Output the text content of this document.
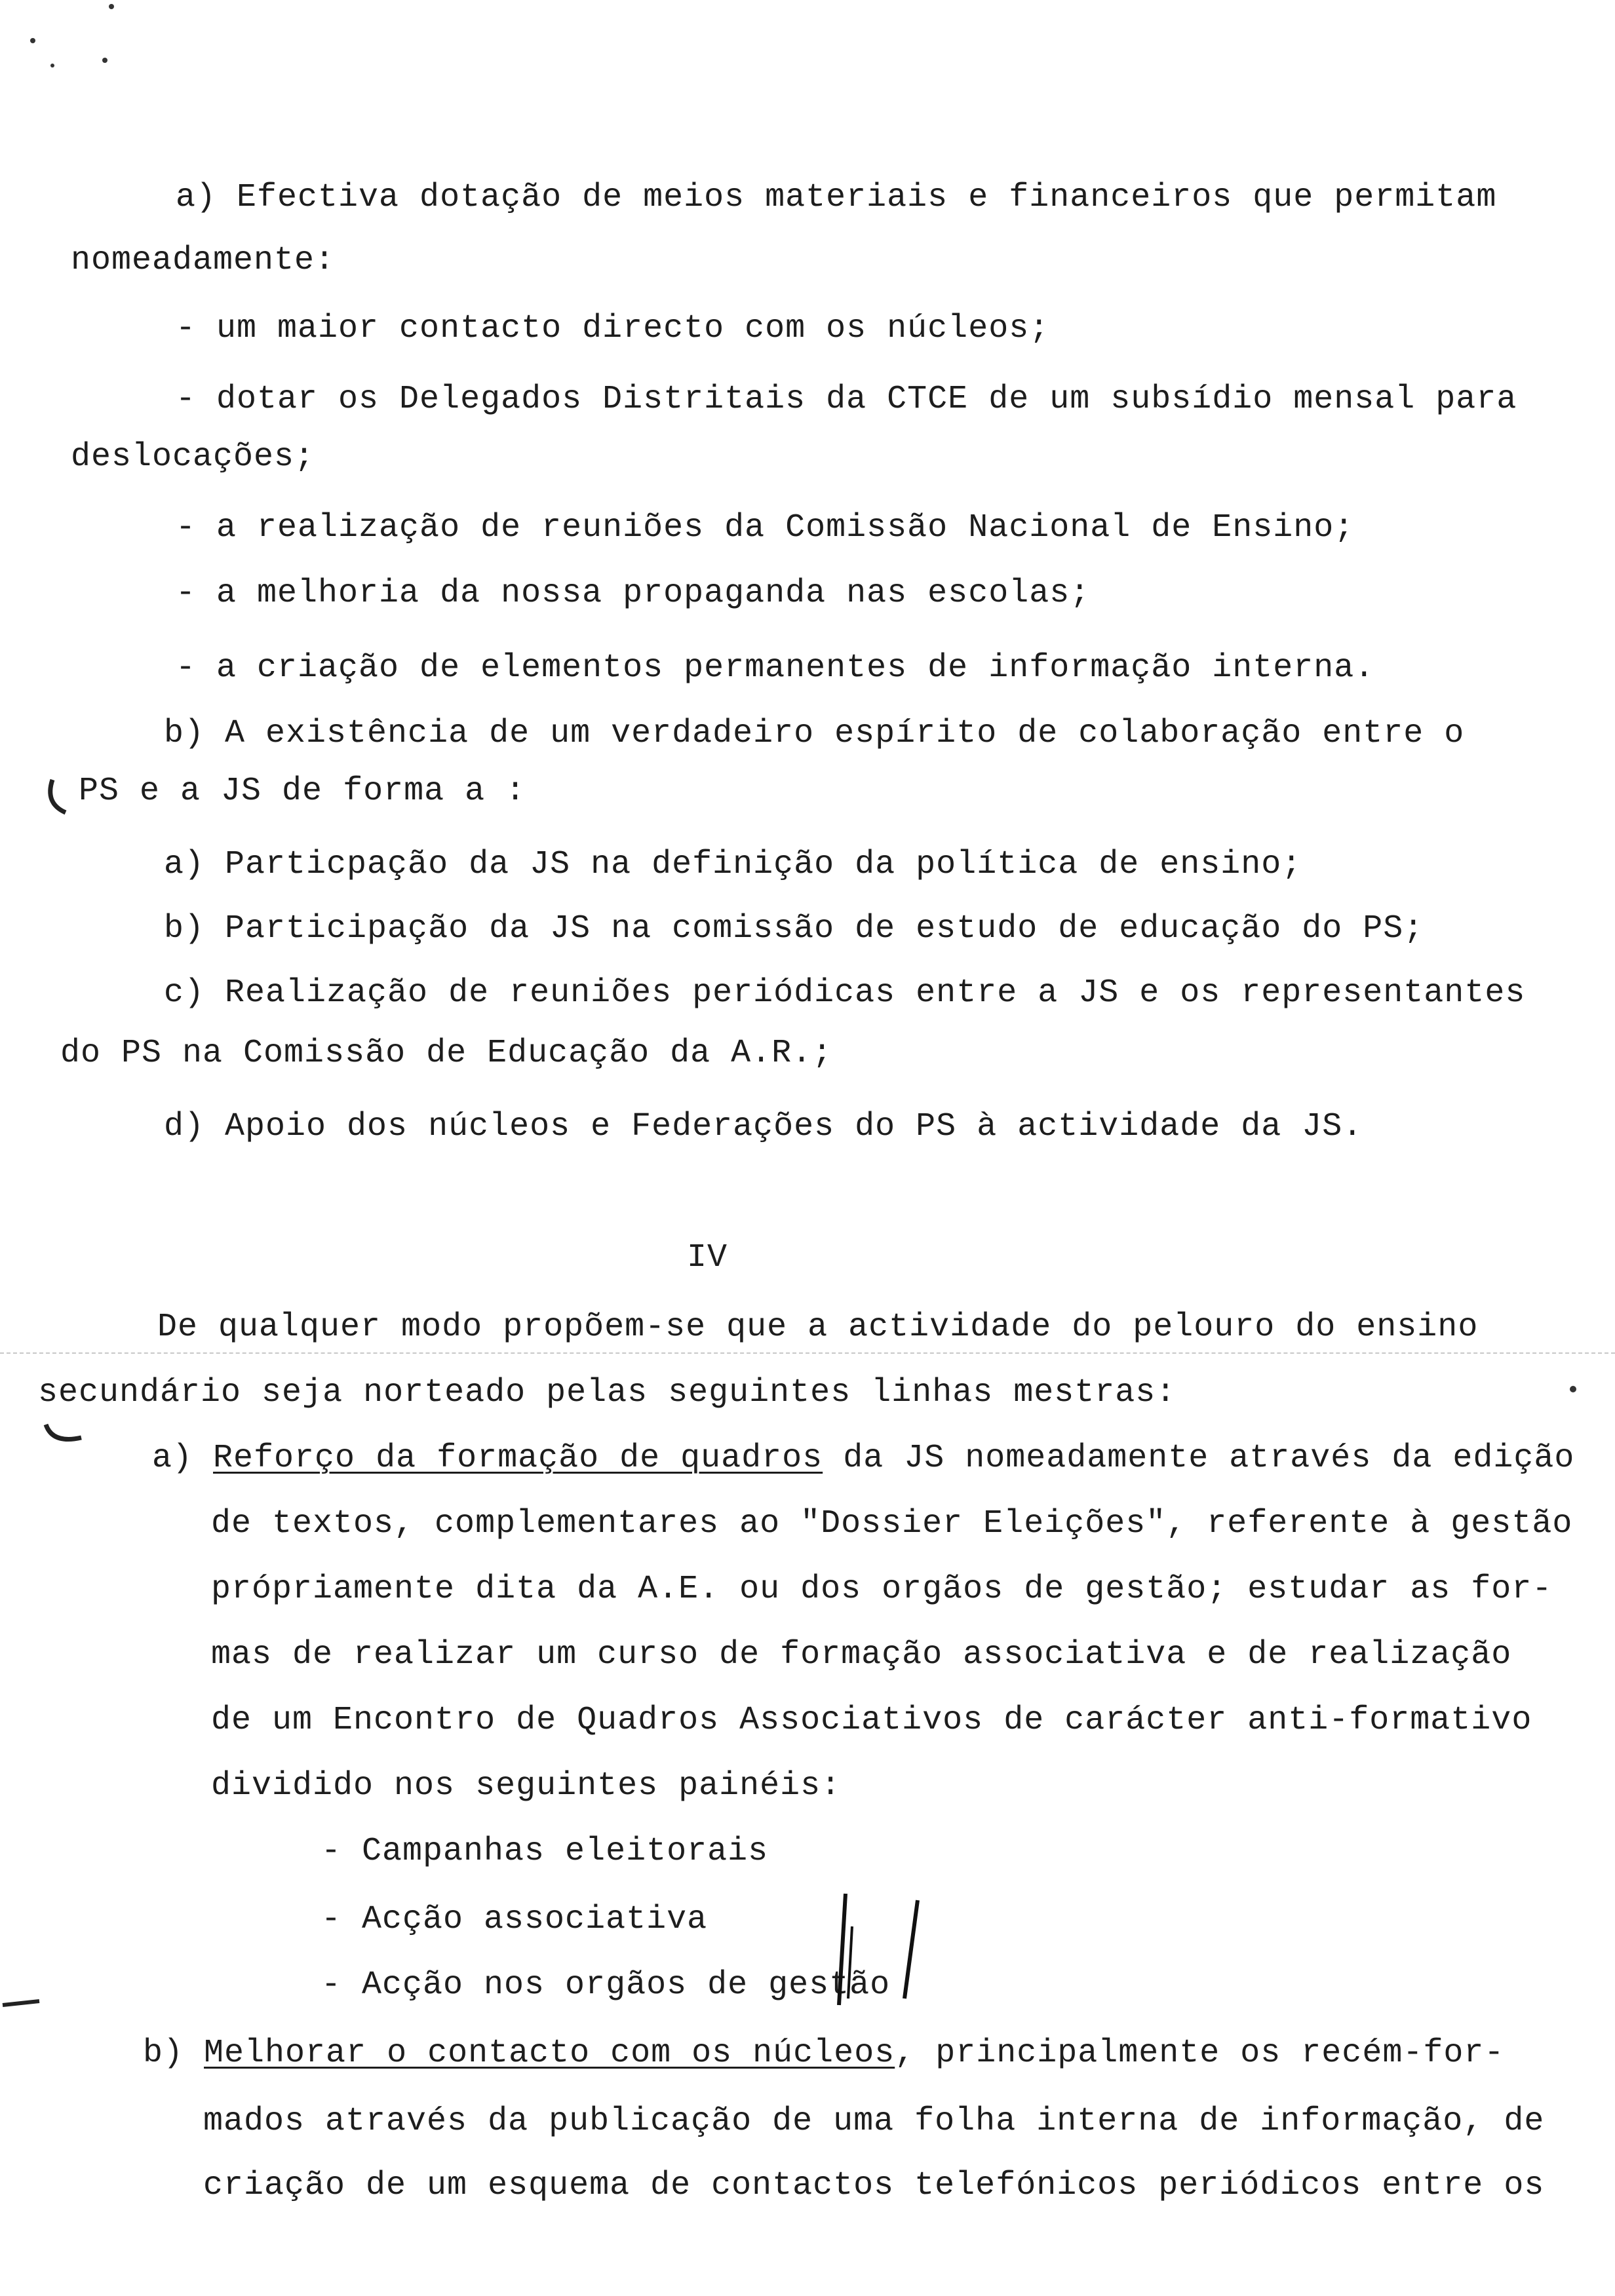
a) Efectiva dotação de meios materiais e financeiros que permitam
nomeadamente:
- um maior contacto directo com os núcleos;
- dotar os Delegados Distritais da CTCE de um subsídio mensal para
deslocações;
- a realização de reuniões da Comissão Nacional de Ensino;
- a melhoria da nossa propaganda nas escolas;
- a criação de elementos permanentes de informação interna.
b) A existência de um verdadeiro espírito de colaboração entre o
PS e a JS de forma a :
a) Particpação da JS na definição da política de ensino;
b) Participação da JS na comissão de estudo de educação do PS;
c) Realização de reuniões periódicas entre a JS e os representantes
do PS na Comissão de Educação da A.R.;
d) Apoio dos núcleos e Federações do PS à actividade da JS.
IV
De qualquer modo propõem-se que a actividade do pelouro do ensino
secundário seja norteado pelas seguintes linhas mestras:
a) Reforço da formação de quadros da JS nomeadamente através da edição
de textos, complementares ao "Dossier Eleições", referente à gestão
própriamente dita da A.E. ou dos orgãos de gestão; estudar as for-
mas de realizar um curso de formação associativa e de realização
de um Encontro de Quadros Associativos de carácter anti-formativo
dividido nos seguintes painéis:
- Campanhas eleitorais
- Acção associativa
- Acção nos orgãos de gestão
b) Melhorar o contacto com os núcleos, principalmente os recém-for-
mados através da publicação de uma folha interna de informação, de
criação de um esquema de contactos telefónicos periódicos entre os
